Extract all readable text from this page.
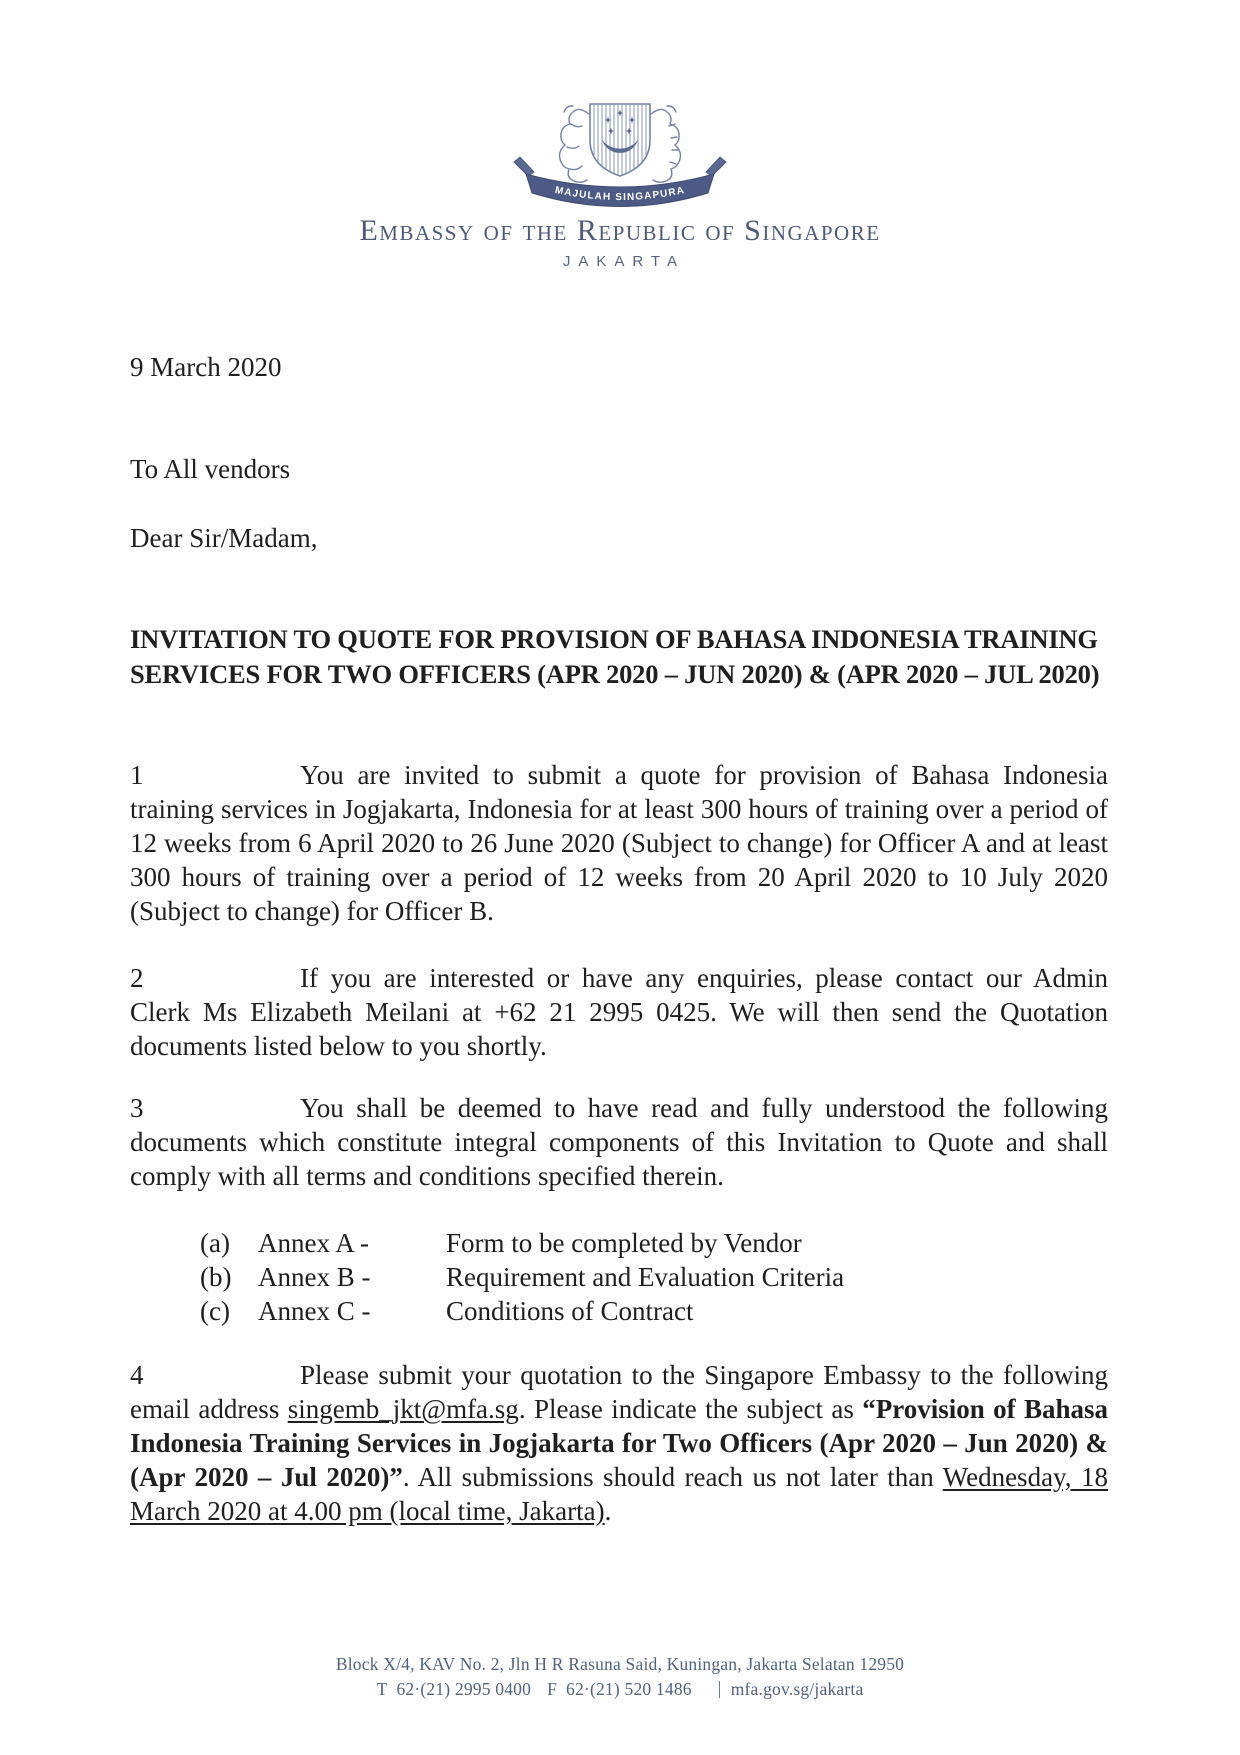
MAJULAH SINGAPURA
Embassy of the Republic of Singapore
JAKARTA
9 March 2020
To All vendors
Dear Sir/Madam,
INVITATION TO QUOTE FOR PROVISION OF BAHASA INDONESIA TRAINING SERVICES FOR TWO OFFICERS (APR 2020 – JUN 2020) & (APR 2020 – JUL 2020)

1	You are invited to submit a quote for provision of Bahasa Indonesia training services in Jogjakarta, Indonesia for at least 300 hours of training over a period of 12 weeks from 6 April 2020 to 26 June 2020 (Subject to change) for Officer A and at least 300 hours of training over a period of 12 weeks from 20 April 2020 to 10 July 2020 (Subject to change) for Officer B.

2	If you are interested or have any enquiries, please contact our Admin Clerk Ms Elizabeth Meilani at +62 21 2995 0425. We will then send the Quotation documents listed below to you shortly.

3	You shall be deemed to have read and fully understood the following documents which constitute integral components of this Invitation to Quote and shall comply with all terms and conditions specified therein.

(a)	Annex A -	Form to be completed by Vendor
(b) Annex B -	Requirement and Evaluation Criteria
(c)	Annex C -	Conditions of Contract

4	Please submit your quotation to the Singapore Embassy to the following email address singemb_jkt@mfa.sg. Please indicate the subject as “Provision of Bahasa Indonesia Training Services in Jogjakarta for Two Officers (Apr 2020 – Jun 2020) & (Apr 2020 – Jul 2020)”. All submissions should reach us not later than Wednesday, 18 March 2020 at 4.00 pm (local time, Jakarta).

Block X/4, KAV No. 2, Jln H R Rasuna Said, Kuningan, Jakarta Selatan 12950
T 62·(21) 2995 0400 F 62·(21) 520 1486 mfa.gov.sg/jakarta
